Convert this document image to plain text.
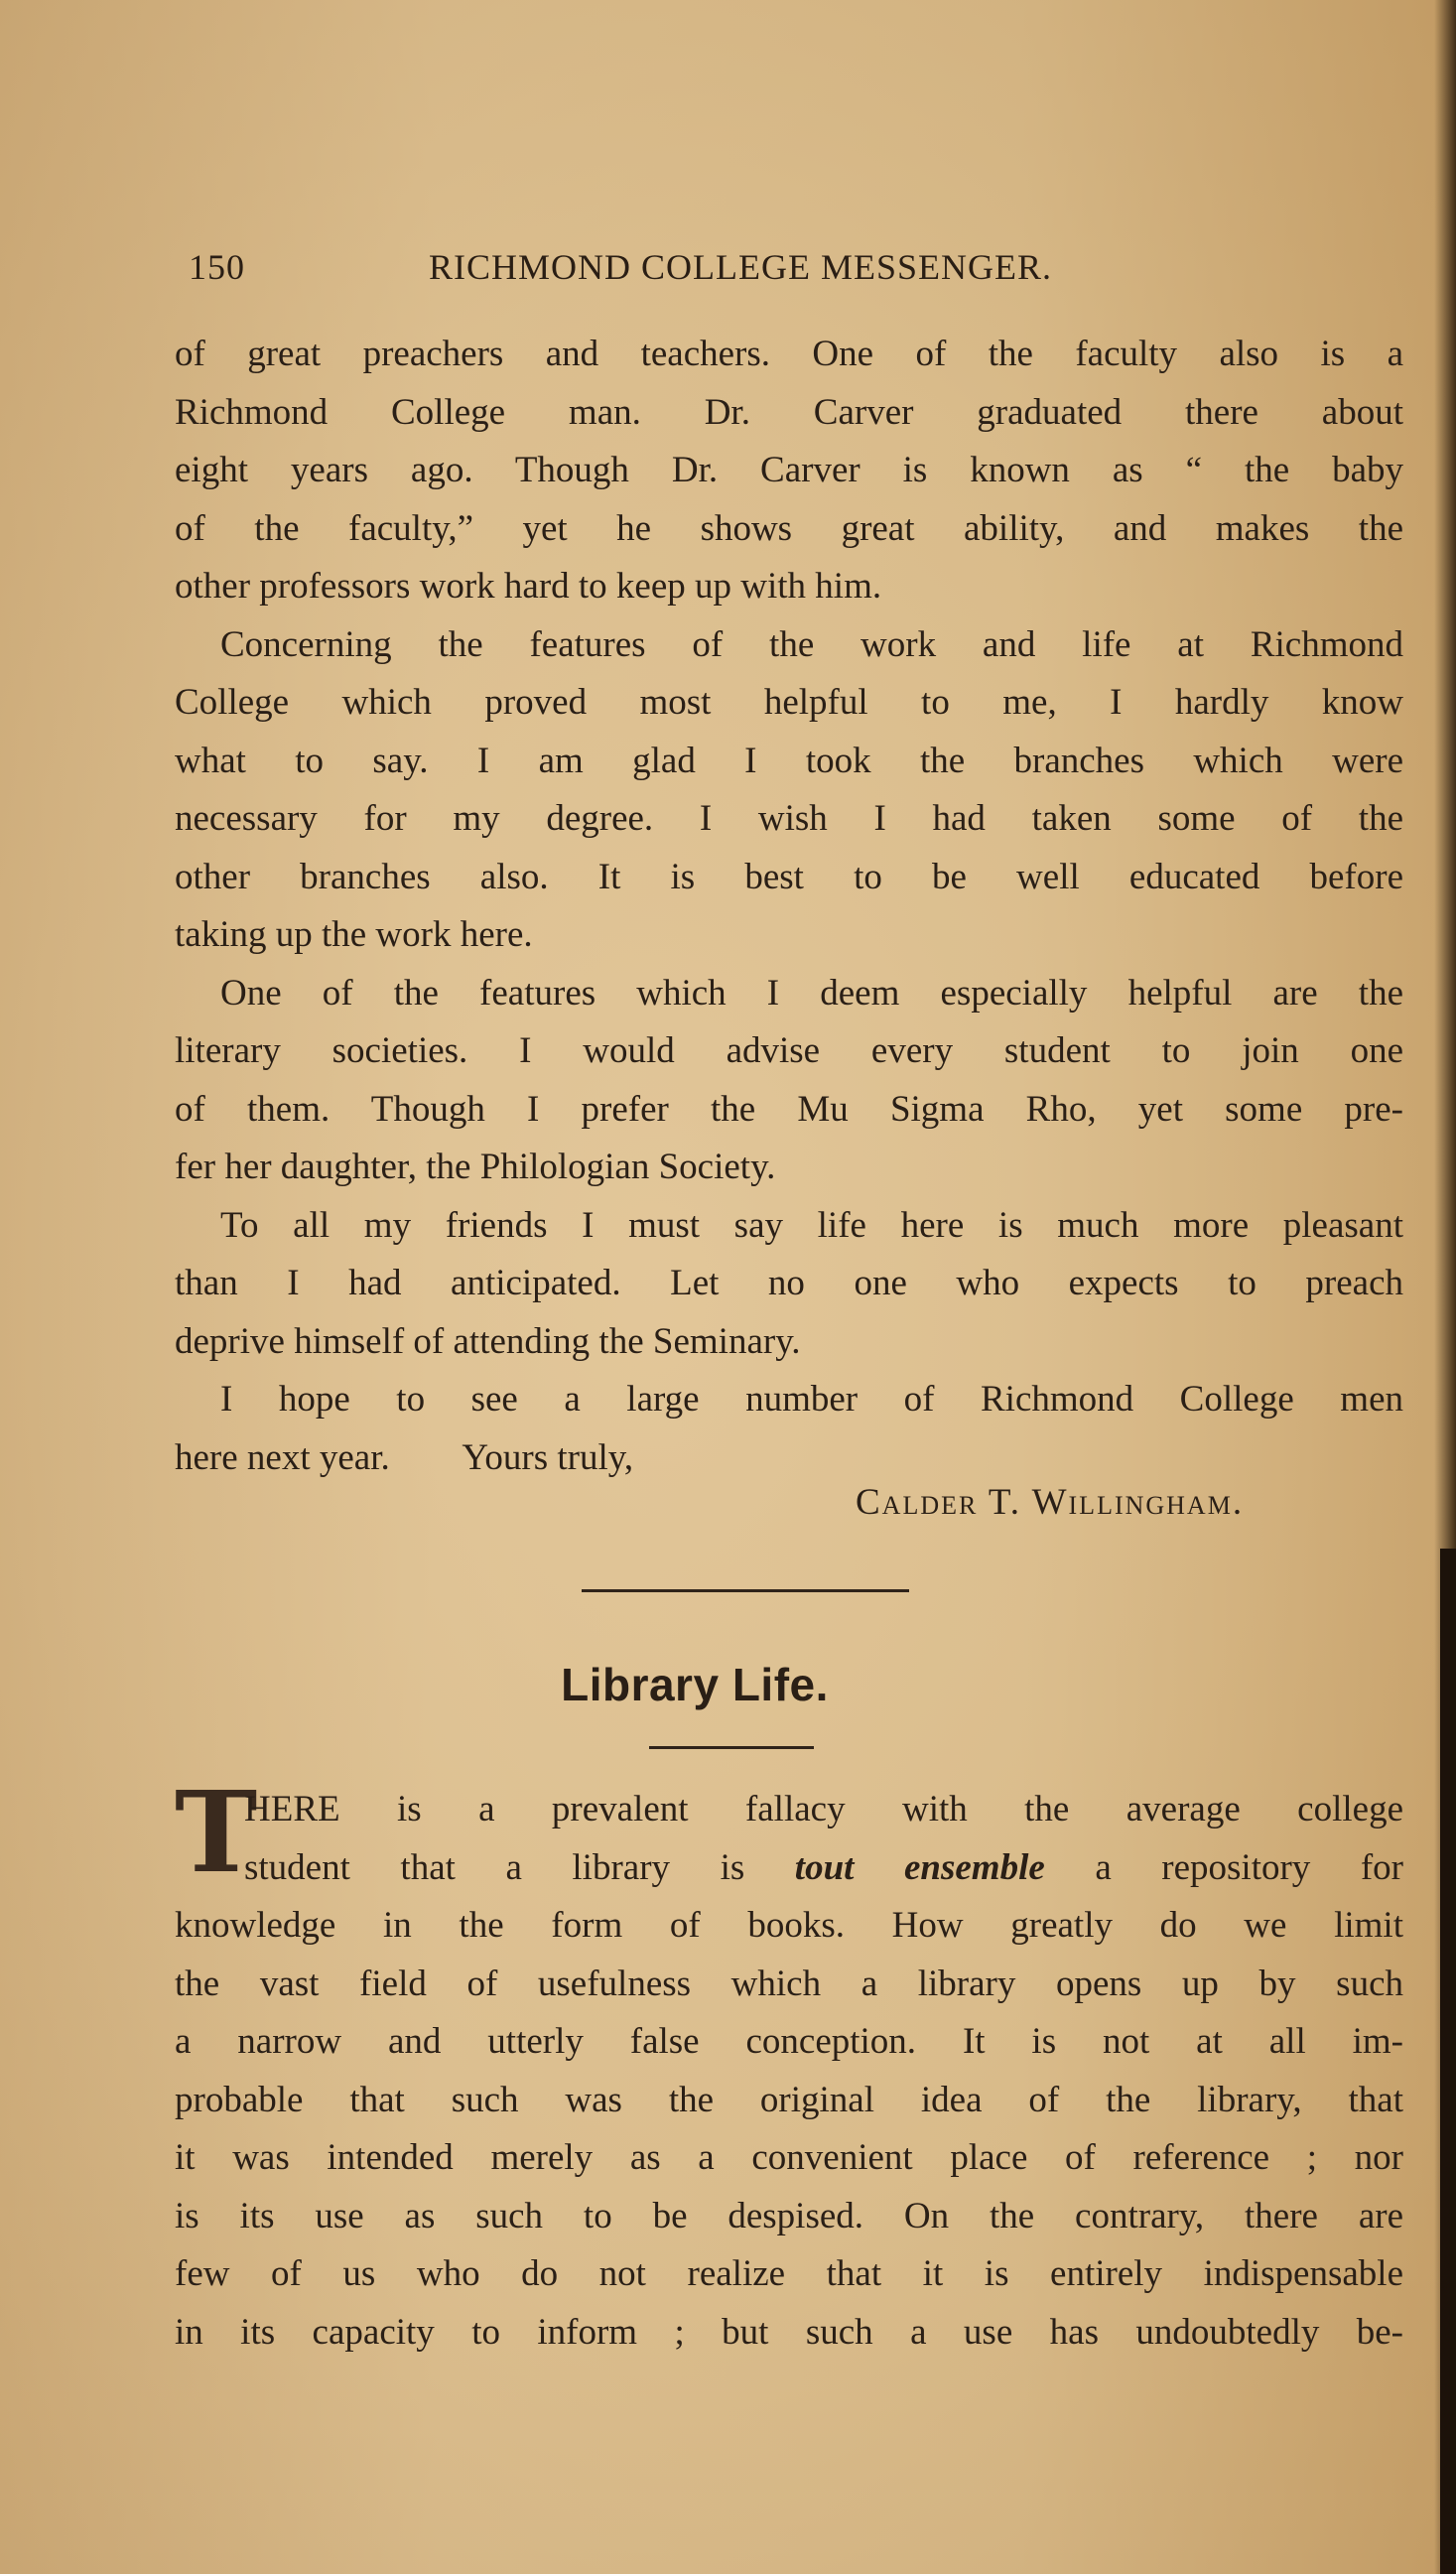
150	RICHMOND COLLEGE MESSENGER.
of great preachers and teachers. One of the faculty also is a
Richmond College man. Dr. Carver graduated there about
eight years ago. Though Dr. Carver is known as “ the baby
of the faculty,” yet he shows great ability, and makes the
other professors work hard to keep up with him.
Concerning the features of the work and life at Richmond
College which proved most helpful to me, I hardly know
what to say. I am glad I took the branches which were
necessary for my degree. I wish I had taken some of the
other branches also. It is best to be well educated before
taking up the work here.
One of the features which I deem especially helpful are the
literary societies. I would advise every student to join one
of them. Though I prefer the Mu Sigma Rho, yet some pre-
fer her daughter, the Philologian Society.
To all my friends I must say life here is much more pleasant
than I had anticipated. Let no one who expects to preach
deprive himself of attending the Seminary.
I hope to see a large number of Richmond College men
here next year.        Yours truly,
Calder T. Willingham.
Library Life.
T
HERE is a prevalent fallacy with the average college
student that a library is tout ensemble a repository for
knowledge in the form of books. How greatly do we limit
the vast field of usefulness which a library opens up by such
a narrow and utterly false conception. It is not at all im-
probable that such was the original idea of the library, that
it was intended merely as a convenient place of reference ; nor
is its use as such to be despised. On the contrary, there are
few of us who do not realize that it is entirely indispensable
in its capacity to inform ; but such a use has undoubtedly be-
